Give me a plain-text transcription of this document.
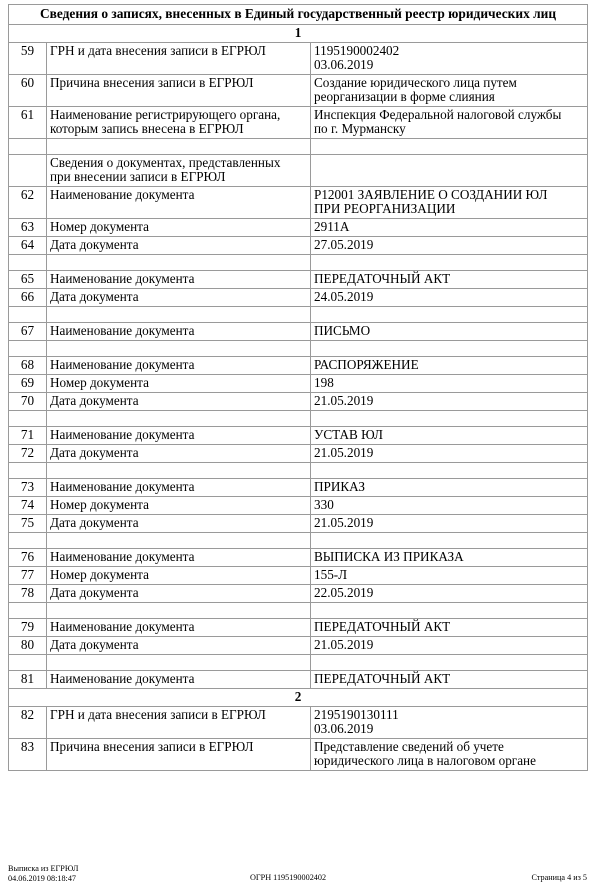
Сведения о записях, внесенных в Единый государственный реестр юридических лиц		
1		
59	ГРН и дата внесения записи в ЕГРЮЛ	1195190002402
03.06.2019

60	Причина внесения записи в ЕГРЮЛ	Создание юридического лица путем
реорганизации в форме слияния

61	Наименование регистрирующего органа,
которым запись внесена в ЕГРЮЛ	Инспекция Федеральной налоговой службы
по г. Мурманску

	Сведения о документах, представленных
при внесении записи в ЕГРЮЛ	

62	Наименование документа	Р12001 ЗАЯВЛЕНИЕ О СОЗДАНИИ ЮЛ
ПРИ РЕОРГАНИЗАЦИИ

63	Номер документа	2911А

64	Дата документа	27.05.2019

65	Наименование документа	ПЕРЕДАТОЧНЫЙ АКТ

66	Дата документа	24.05.2019

67	Наименование документа	ПИСЬМО

68	Наименование документа	РАСПОРЯЖЕНИЕ

69	Номер документа	198

70	Дата документа	21.05.2019

71	Наименование документа	УСТАВ ЮЛ

72	Дата документа	21.05.2019

73	Наименование документа	ПРИКАЗ

74	Номер документа	330

75	Дата документа	21.05.2019

76	Наименование документа	ВЫПИСКА ИЗ ПРИКАЗА

77	Номер документа	155-Л

78	Дата документа	22.05.2019

79	Наименование документа	ПЕРЕДАТОЧНЫЙ АКТ

80	Дата документа	21.05.2019

81	Наименование документа	ПЕРЕДАТОЧНЫЙ АКТ

2		
82	ГРН и дата внесения записи в ЕГРЮЛ	2195190130111
03.06.2019

83	Причина внесения записи в ЕГРЮЛ	Представление сведений об учете
юридического лица в налоговом органе
Выписка из ЕГРЮЛ
04.06.2019 08:18:47	ОГРН 1195190002402	Страница 4 из 5
